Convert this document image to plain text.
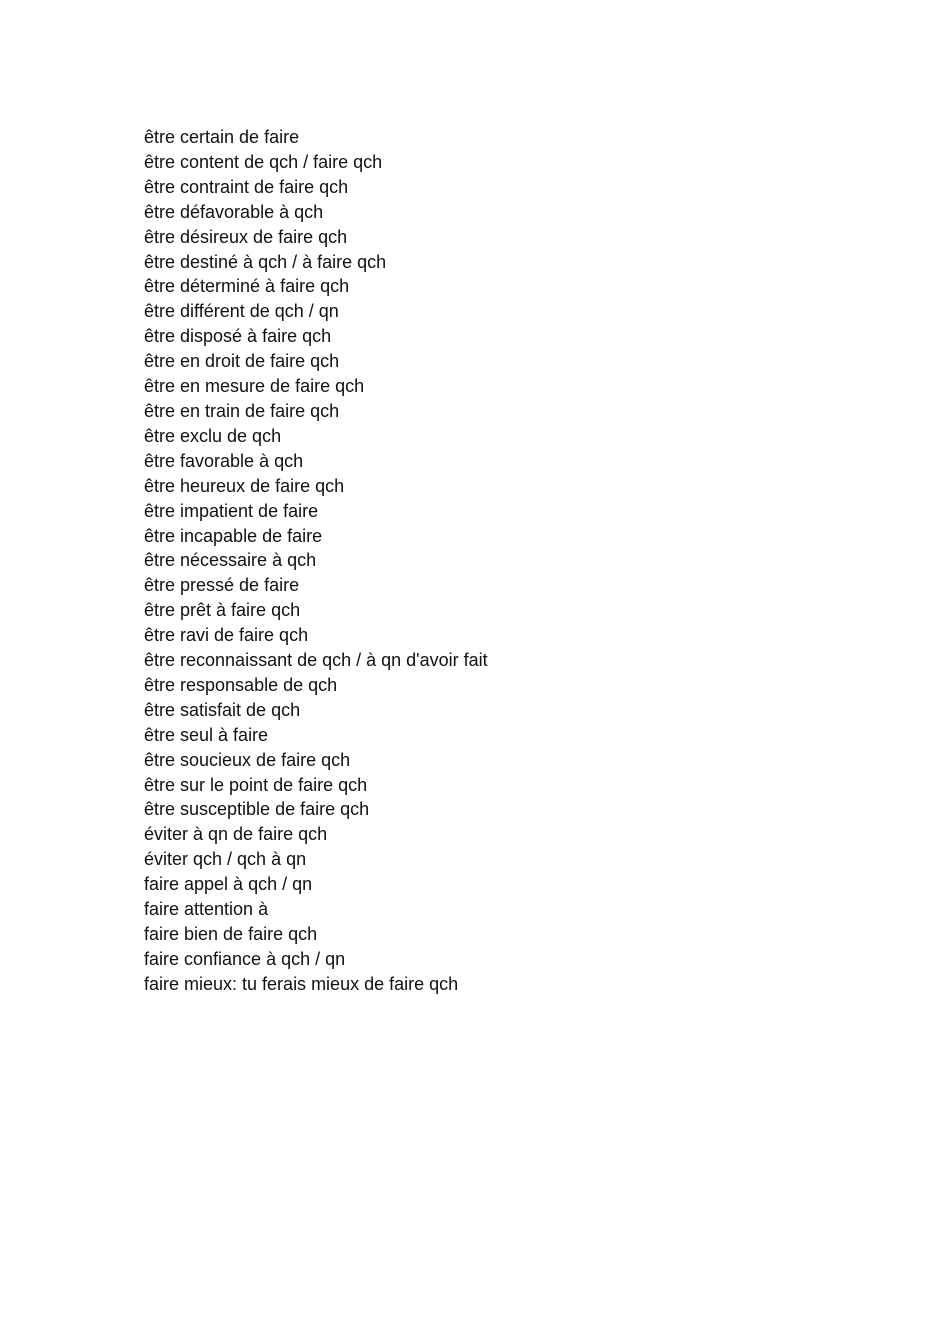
être certain de faire
être content de qch / faire qch
être contraint de faire qch
être défavorable à qch
être désireux de faire qch
être destiné à qch / à faire qch
être déterminé à faire qch
être différent de qch / qn
être disposé à faire qch
être en droit de faire qch
être en mesure de faire qch
être en train de faire qch
être exclu de qch
être favorable à qch
être heureux de faire qch
être impatient de faire
être incapable de faire
être nécessaire à qch
être pressé de faire
être prêt à faire qch
être ravi de faire qch
être reconnaissant de qch / à qn d'avoir fait
être responsable de qch
être satisfait de qch
être seul à faire
être soucieux de faire qch
être sur le point de faire qch
être susceptible de faire qch
éviter à qn de faire qch
éviter qch / qch à qn
faire appel à qch / qn
faire attention à
faire bien de faire qch
faire confiance à qch / qn
faire mieux: tu ferais mieux de faire qch
